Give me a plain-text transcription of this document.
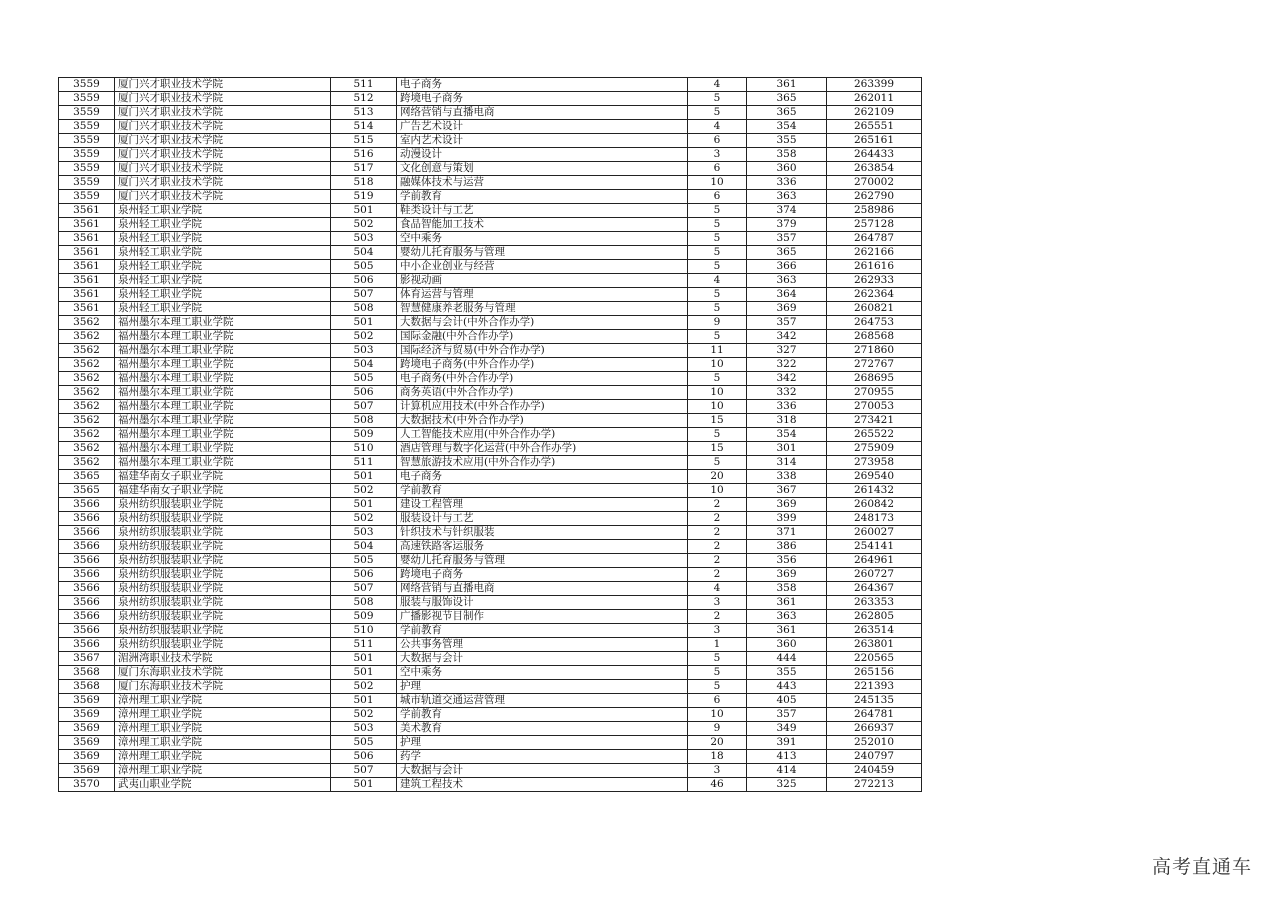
3559	厦门兴才职业技术学院	511	电子商务	4	361	263399
3559	厦门兴才职业技术学院	512	跨境电子商务	5	365	262011
3559	厦门兴才职业技术学院	513	网络营销与直播电商	5	365	262109
3559	厦门兴才职业技术学院	514	广告艺术设计	4	354	265551
3559	厦门兴才职业技术学院	515	室内艺术设计	6	355	265161
3559	厦门兴才职业技术学院	516	动漫设计	3	358	264433
3559	厦门兴才职业技术学院	517	文化创意与策划	6	360	263854
3559	厦门兴才职业技术学院	518	融媒体技术与运营	10	336	270002
3559	厦门兴才职业技术学院	519	学前教育	6	363	262790
3561	泉州轻工职业学院	501	鞋类设计与工艺	5	374	258986
3561	泉州轻工职业学院	502	食品智能加工技术	5	379	257128
3561	泉州轻工职业学院	503	空中乘务	5	357	264787
3561	泉州轻工职业学院	504	婴幼儿托育服务与管理	5	365	262166
3561	泉州轻工职业学院	505	中小企业创业与经营	5	366	261616
3561	泉州轻工职业学院	506	影视动画	4	363	262933
3561	泉州轻工职业学院	507	体育运营与管理	5	364	262364
3561	泉州轻工职业学院	508	智慧健康养老服务与管理	5	369	260821
3562	福州墨尔本理工职业学院	501	大数据与会计(中外合作办学)	9	357	264753
3562	福州墨尔本理工职业学院	502	国际金融(中外合作办学)	5	342	268568
3562	福州墨尔本理工职业学院	503	国际经济与贸易(中外合作办学)	11	327	271860
3562	福州墨尔本理工职业学院	504	跨境电子商务(中外合作办学)	10	322	272767
3562	福州墨尔本理工职业学院	505	电子商务(中外合作办学)	5	342	268695
3562	福州墨尔本理工职业学院	506	商务英语(中外合作办学)	10	332	270955
3562	福州墨尔本理工职业学院	507	计算机应用技术(中外合作办学)	10	336	270053
3562	福州墨尔本理工职业学院	508	大数据技术(中外合作办学)	15	318	273421
3562	福州墨尔本理工职业学院	509	人工智能技术应用(中外合作办学)	5	354	265522
3562	福州墨尔本理工职业学院	510	酒店管理与数字化运营(中外合作办学)	15	301	275909
3562	福州墨尔本理工职业学院	511	智慧旅游技术应用(中外合作办学)	5	314	273958
3565	福建华南女子职业学院	501	电子商务	20	338	269540
3565	福建华南女子职业学院	502	学前教育	10	367	261432
3566	泉州纺织服装职业学院	501	建设工程管理	2	369	260842
3566	泉州纺织服装职业学院	502	服装设计与工艺	2	399	248173
3566	泉州纺织服装职业学院	503	针织技术与针织服装	2	371	260027
3566	泉州纺织服装职业学院	504	高速铁路客运服务	2	386	254141
3566	泉州纺织服装职业学院	505	婴幼儿托育服务与管理	2	356	264961
3566	泉州纺织服装职业学院	506	跨境电子商务	2	369	260727
3566	泉州纺织服装职业学院	507	网络营销与直播电商	4	358	264367
3566	泉州纺织服装职业学院	508	服装与服饰设计	3	361	263353
3566	泉州纺织服装职业学院	509	广播影视节目制作	2	363	262805
3566	泉州纺织服装职业学院	510	学前教育	3	361	263514
3566	泉州纺织服装职业学院	511	公共事务管理	1	360	263801
3567	湄洲湾职业技术学院	501	大数据与会计	5	444	220565
3568	厦门东海职业技术学院	501	空中乘务	5	355	265156
3568	厦门东海职业技术学院	502	护理	5	443	221393
3569	漳州理工职业学院	501	城市轨道交通运营管理	6	405	245135
3569	漳州理工职业学院	502	学前教育	10	357	264781
3569	漳州理工职业学院	503	美术教育	9	349	266937
3569	漳州理工职业学院	505	护理	20	391	252010
3569	漳州理工职业学院	506	药学	18	413	240797
3569	漳州理工职业学院	507	大数据与会计	3	414	240459
3570	武夷山职业学院	501	建筑工程技术	46	325	272213
高考直通车
